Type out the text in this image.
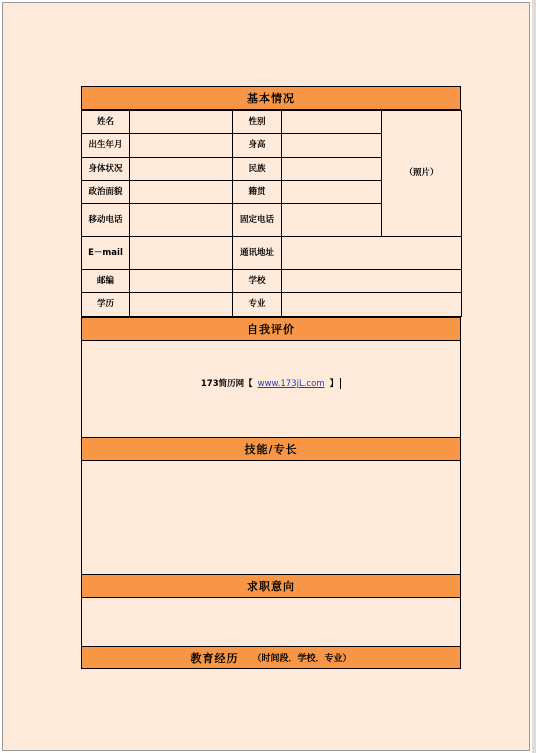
基本情况
姓名		性别		（照片）
出生年月		身高		
身体状况		民族		
政治面貌		籍贯		
移动电话		固定电话		
E－mail		通讯地址		
邮编		学校		
学历		专业		
自我评价
173简历网【 www.173jL.com 】
技能/专长
求职意向
教育经历 （时间段．学校．专业）
